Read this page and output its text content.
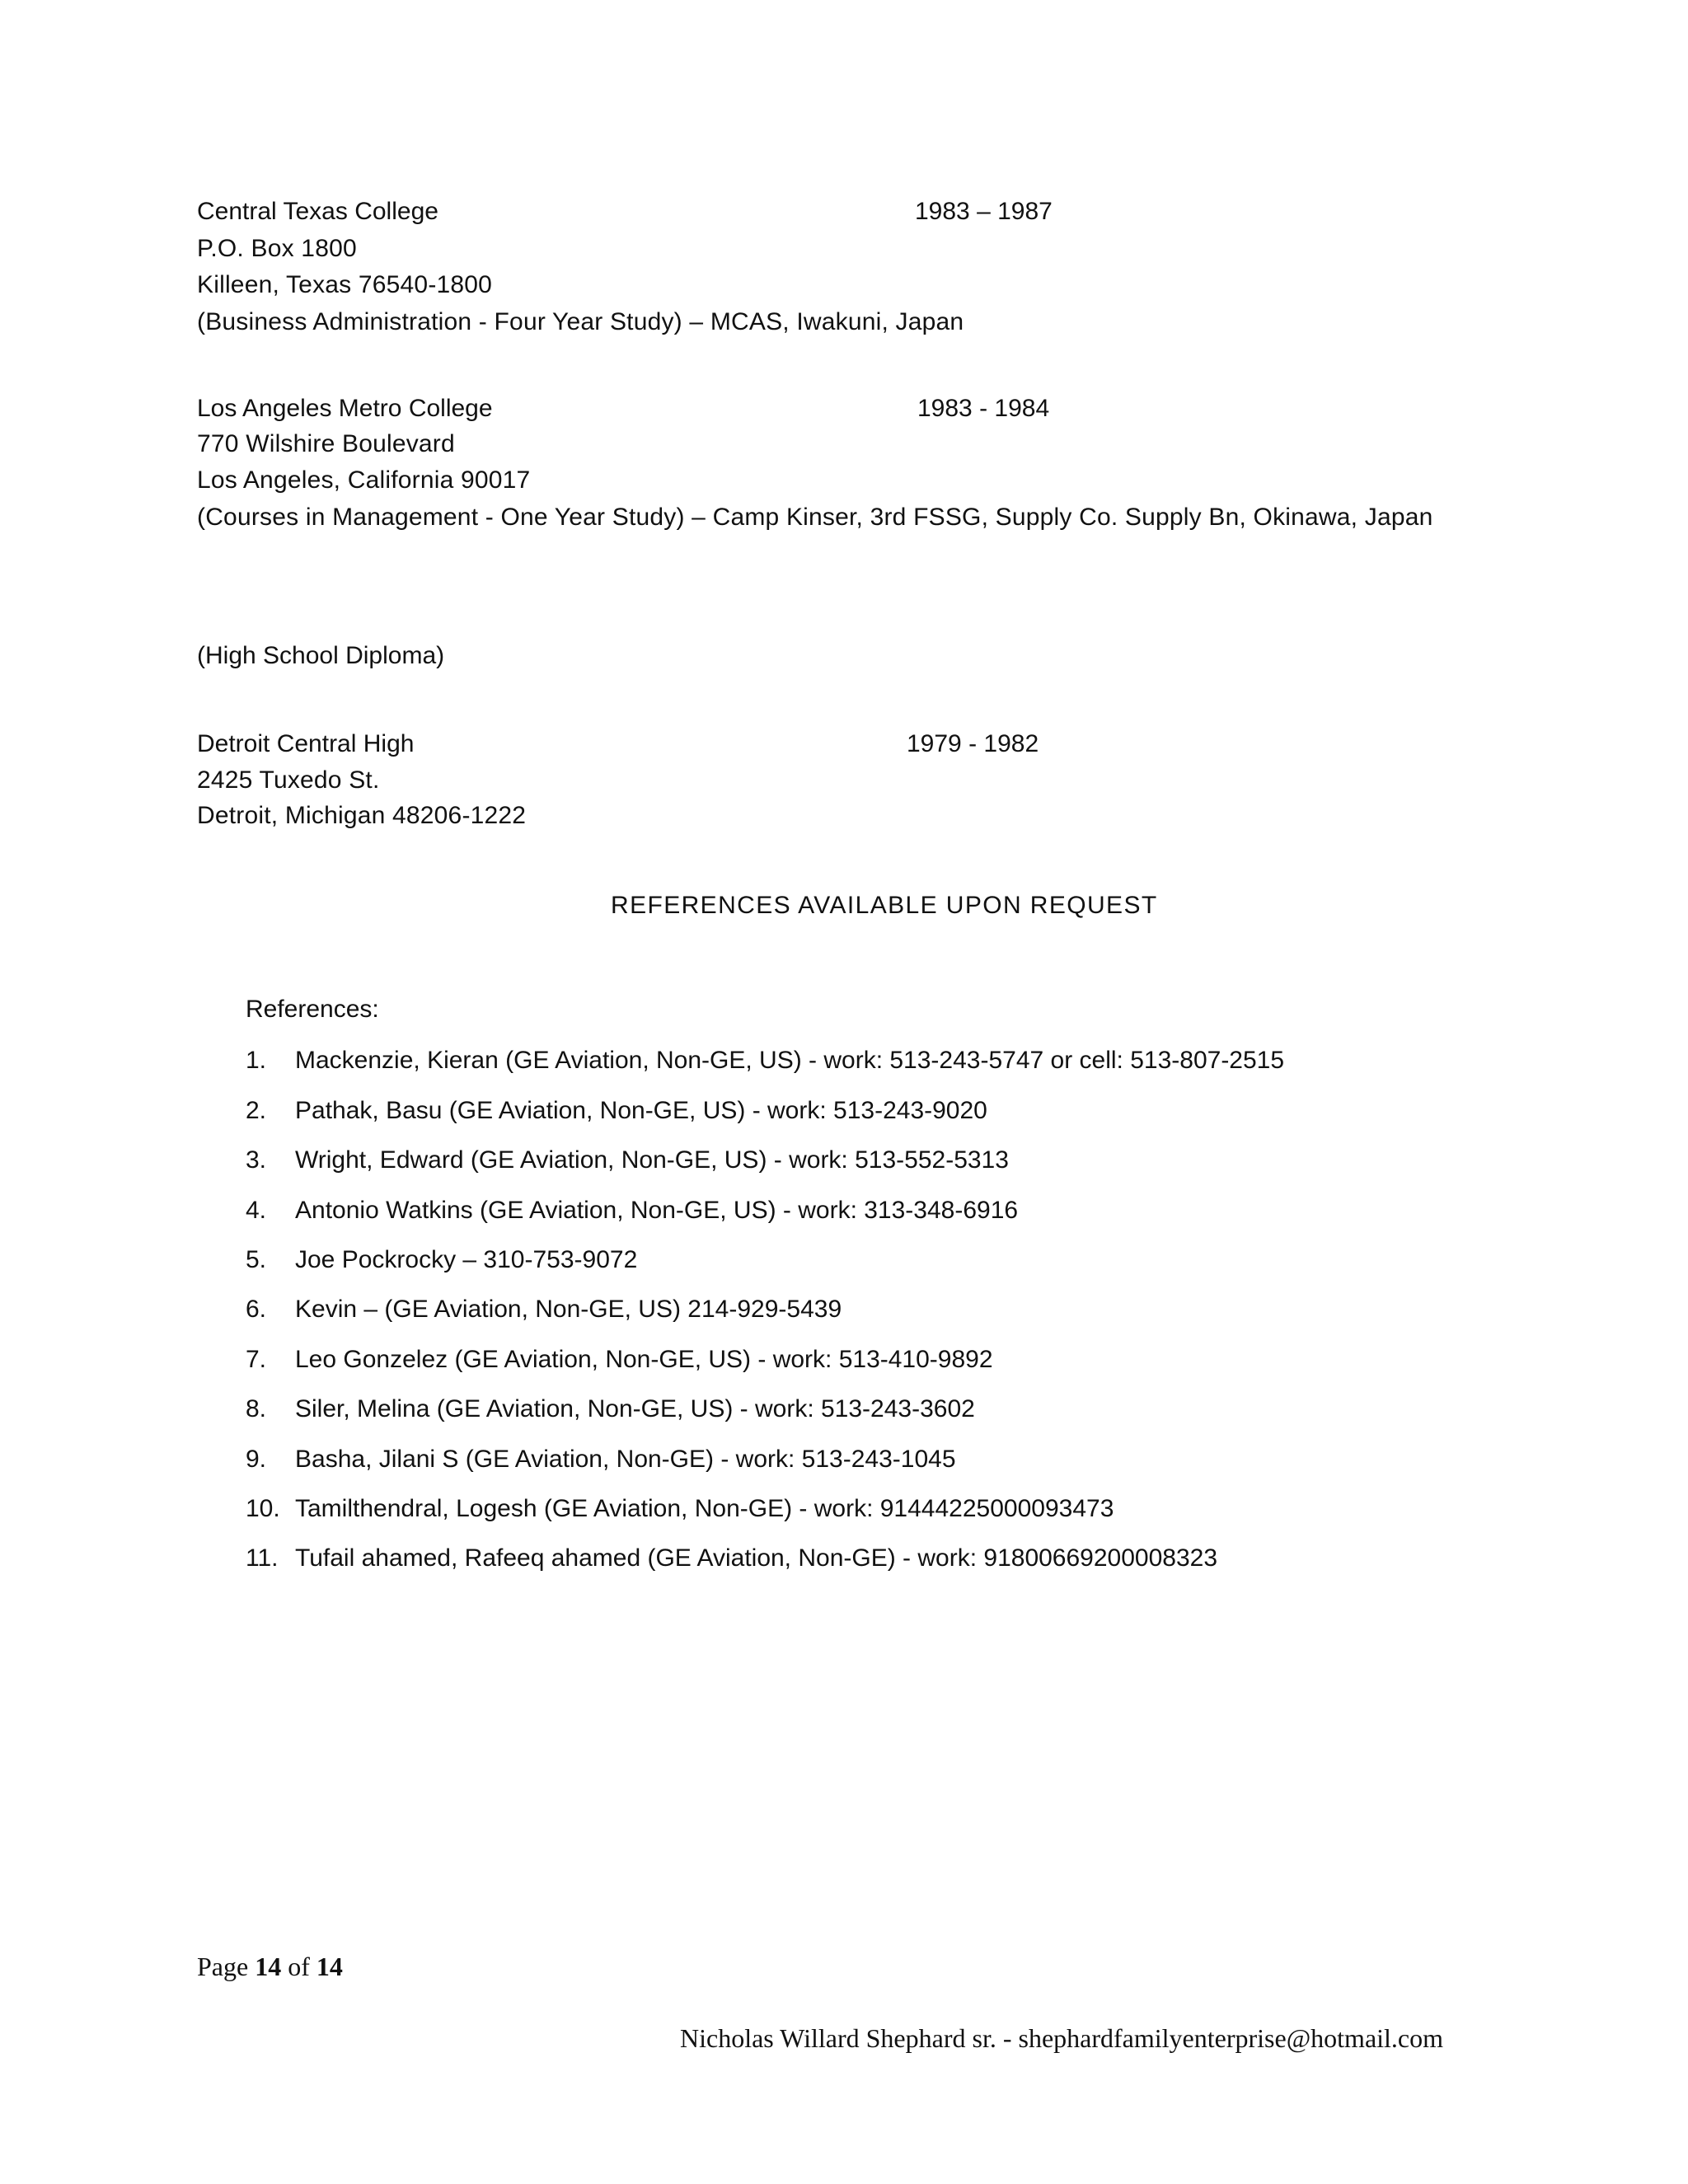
Central Texas College	1983 – 1987
P.O. Box 1800
Killeen, Texas 76540-1800
(Business Administration - Four Year Study) – MCAS, Iwakuni, Japan
Los Angeles Metro College	1983 - 1984
770 Wilshire Boulevard
Los Angeles, California 90017
(Courses in Management - One Year Study) – Camp Kinser, 3rd FSSG, Supply Co. Supply Bn, Okinawa, Japan
(High School Diploma)
Detroit Central High	1979 - 1982
2425 Tuxedo St.
Detroit, Michigan 48206-1222
REFERENCES AVAILABLE UPON REQUEST
References:
1. Mackenzie, Kieran (GE Aviation, Non-GE, US) - work: 513-243-5747 or cell: 513-807-2515
2. Pathak, Basu (GE Aviation, Non-GE, US) - work: 513-243-9020
3. Wright, Edward (GE Aviation, Non-GE, US) - work: 513-552-5313
4. Antonio Watkins (GE Aviation, Non-GE, US) - work: 313-348-6916
5. Joe Pockrocky – 310-753-9072
6. Kevin – (GE Aviation, Non-GE, US) 214-929-5439
7. Leo Gonzelez (GE Aviation, Non-GE, US) - work: 513-410-9892
8. Siler, Melina (GE Aviation, Non-GE, US) - work: 513-243-3602
9. Basha, Jilani S (GE Aviation, Non-GE) - work: 513-243-1045
10. Tamilthendral, Logesh (GE Aviation, Non-GE) - work: 91444225000093473
11. Tufail ahamed, Rafeeq ahamed (GE Aviation, Non-GE) - work: 91800669200008323
Page 14 of 14
Nicholas Willard Shephard sr. - shephardfamilyenterprise@hotmail.com
